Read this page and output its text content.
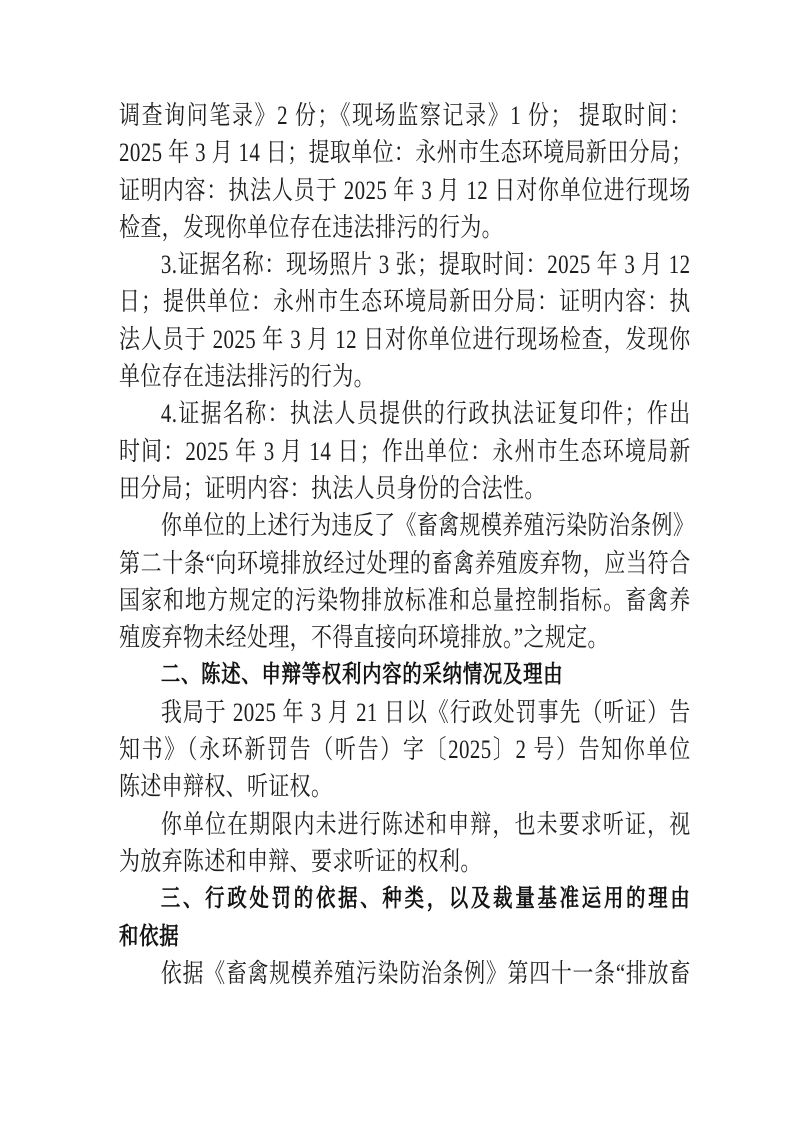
调查询问笔录》2 份；《现场监察记录》1 份； 提取时间：
2025 年 3 月 14 日；提取单位：永州市生态环境局新田分局；
证明内容：执法人员于 2025 年 3 月 12 日对你单位进行现场
检查，发现你单位存在违法排污的行为。
3.证据名称：现场照片 3 张；提取时间：2025 年 3 月 12
日；提供单位：永州市生态环境局新田分局：证明内容：执
法人员于 2025 年 3 月 12 日对你单位进行现场检查，发现你
单位存在违法排污的行为。
4.证据名称：执法人员提供的行政执法证复印件；作出
时间：2025 年 3 月 14 日；作出单位：永州市生态环境局新
田分局；证明内容：执法人员身份的合法性。
你单位的上述行为违反了《畜禽规模养殖污染防治条例》
第二十条“向环境排放经过处理的畜禽养殖废弃物，应当符合
国家和地方规定的污染物排放标准和总量控制指标。畜禽养
殖废弃物未经处理，不得直接向环境排放。”之规定。
二、陈述、申辩等权利内容的采纳情况及理由
我局于 2025 年 3 月 21 日以《行政处罚事先（听证）告
知书》（永环新罚告（听告）字〔2025〕2 号）告知你单位
陈述申辩权、听证权。
你单位在期限内未进行陈述和申辩，也未要求听证，视
为放弃陈述和申辩、要求听证的权利。
三、行政处罚的依据、种类，以及裁量基准运用的理由
和依据
依据《畜禽规模养殖污染防治条例》第四十一条“排放畜
